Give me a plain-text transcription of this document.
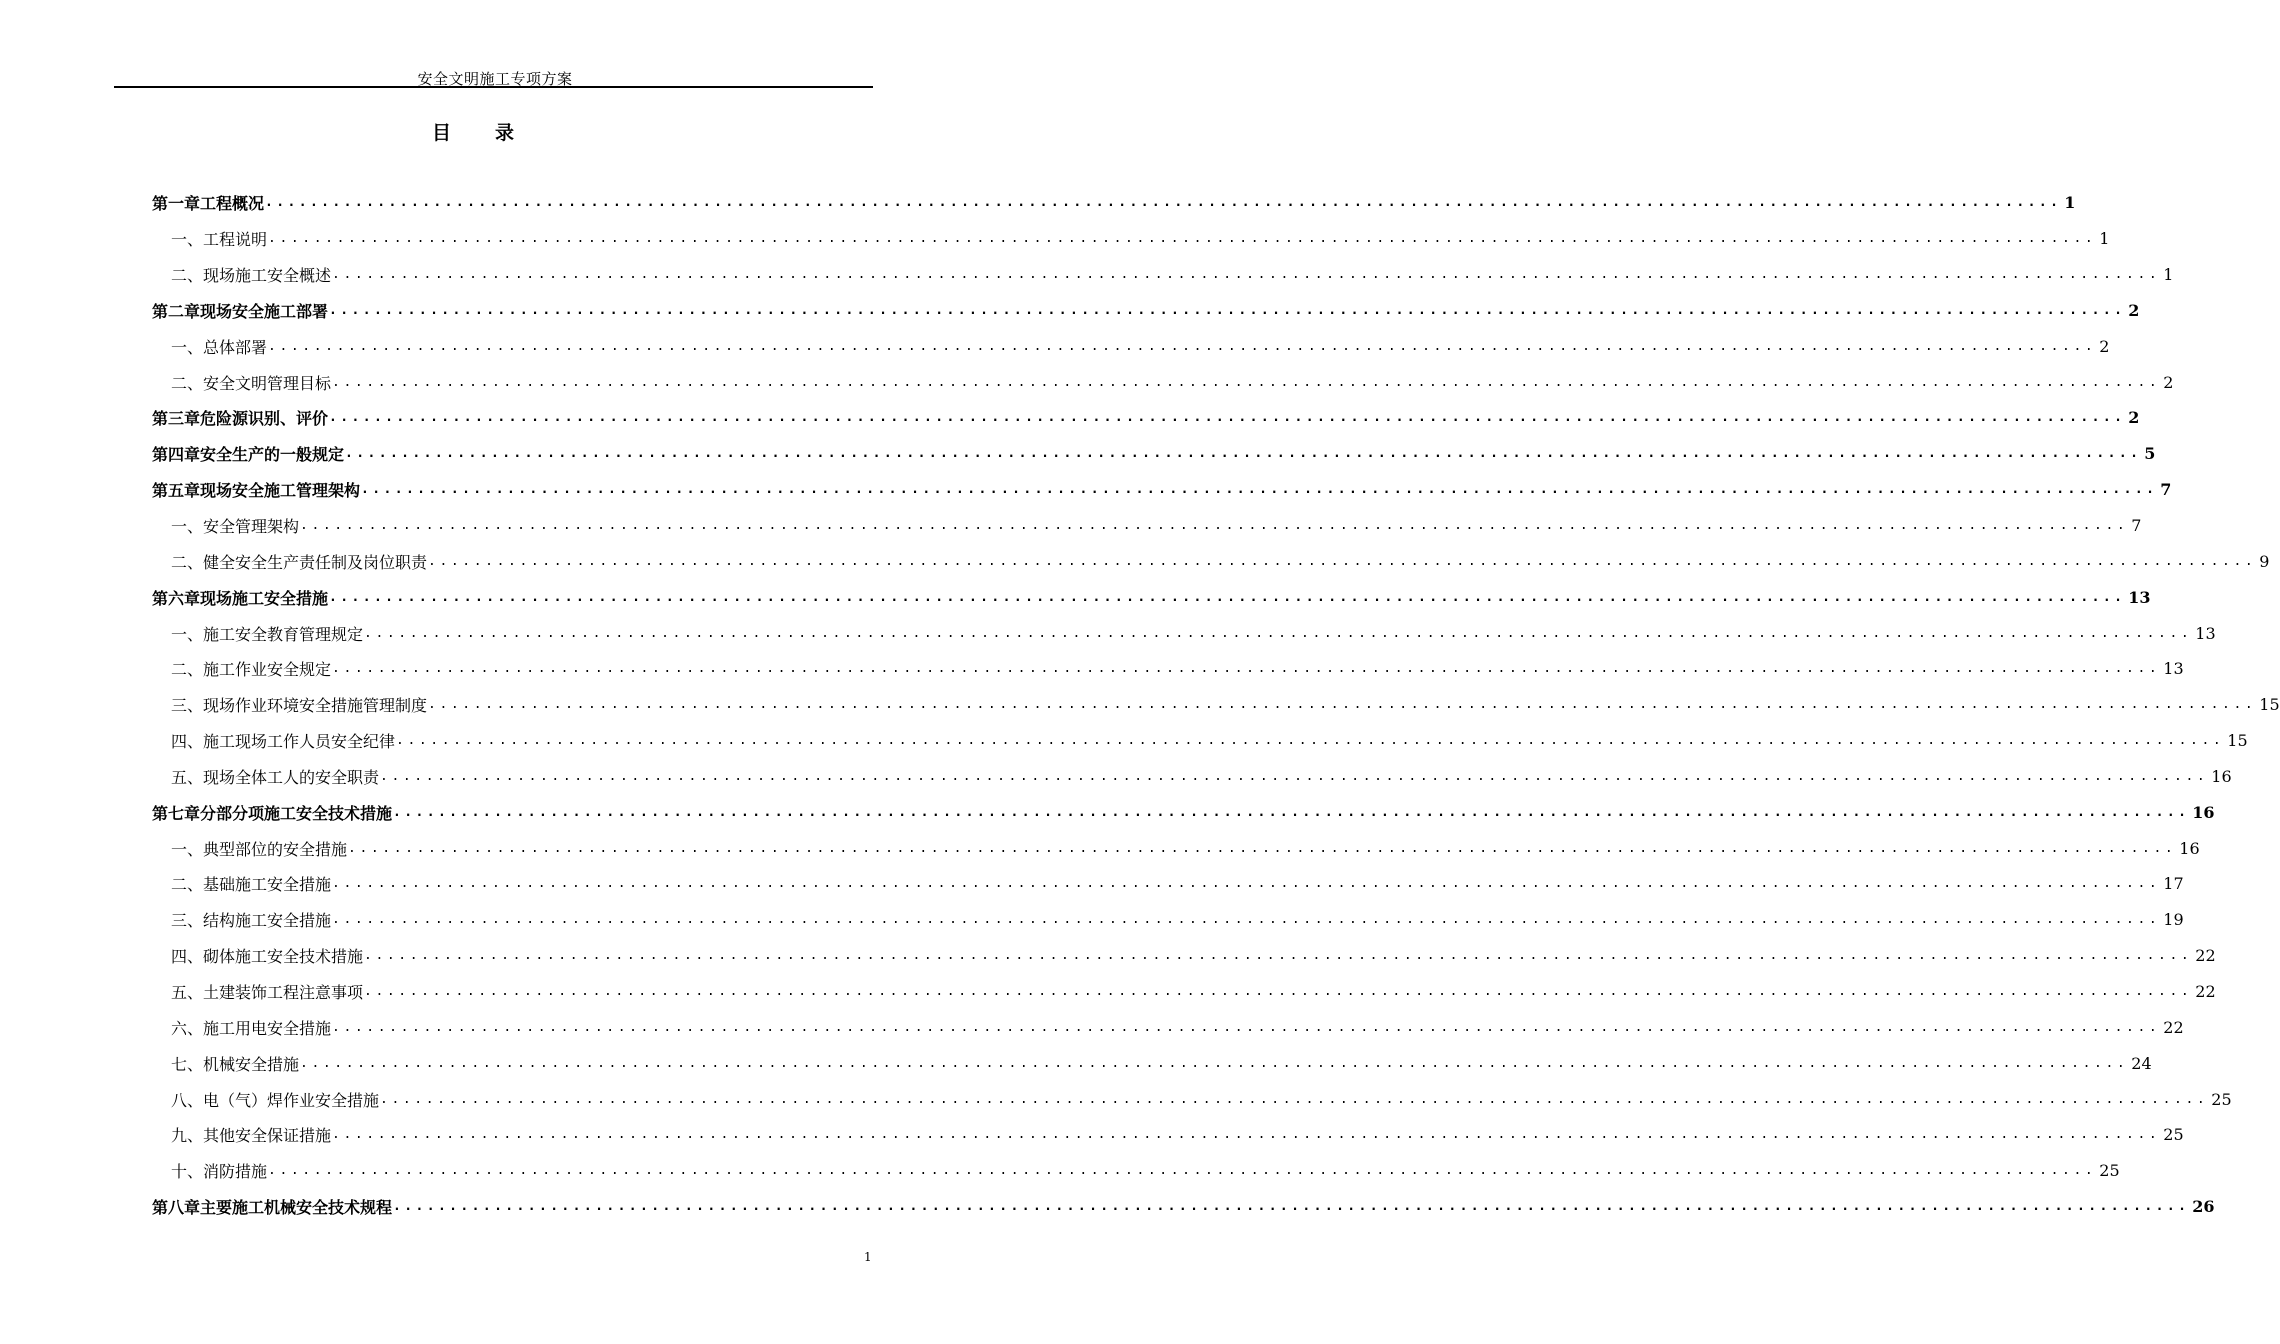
安全文明施工专项方案
目录
第一章 工程概况 ................................................................................................................................................................ 1
一、 工程说明 ................................................................................................................................................................ 1
二、 现场施工安全概述 ................................................................................................................................................................ 1
第二章 现场安全施工部署 ................................................................................................................................................................ 2
一、 总体部署 ................................................................................................................................................................ 2
二、 安全文明管理目标 ................................................................................................................................................................ 2
第三章 危险源识别、评价 ................................................................................................................................................................ 2
第四章 安全生产的一般规定 ................................................................................................................................................................ 5
第五章 现场安全施工管理架构 ................................................................................................................................................................ 7
一、 安全管理架构 ................................................................................................................................................................ 7
二、 健全安全生产责任制及岗位职责 ................................................................................................................................................................ 9
第六章 现场施工安全措施 ................................................................................................................................................................ 13
一、 施工安全教育管理规定 ................................................................................................................................................................ 13
二、 施工作业安全规定 ................................................................................................................................................................ 13
三、 现场作业环境安全措施管理制度 ................................................................................................................................................................ 15
四、 施工现场工作人员安全纪律 ................................................................................................................................................................ 15
五、 现场全体工人的安全职责 ................................................................................................................................................................ 16
第七章 分部分项施工安全技术措施 ................................................................................................................................................................ 16
一、 典型部位的安全措施 ................................................................................................................................................................ 16
二、 基础施工安全措施 ................................................................................................................................................................ 17
三、 结构施工安全措施 ................................................................................................................................................................ 19
四、 砌体施工安全技术措施 ................................................................................................................................................................ 22
五、 土建装饰工程注意事项 ................................................................................................................................................................ 22
六、 施工用电安全措施 ................................................................................................................................................................ 22
七、 机械安全措施 ................................................................................................................................................................ 24
八、 电（气）焊作业安全措施 ................................................................................................................................................................ 25
九、 其他安全保证措施 ................................................................................................................................................................ 25
十、 消防措施 ................................................................................................................................................................ 25
第八章 主要施工机械安全技术规程 ................................................................................................................................................................ 26
1
